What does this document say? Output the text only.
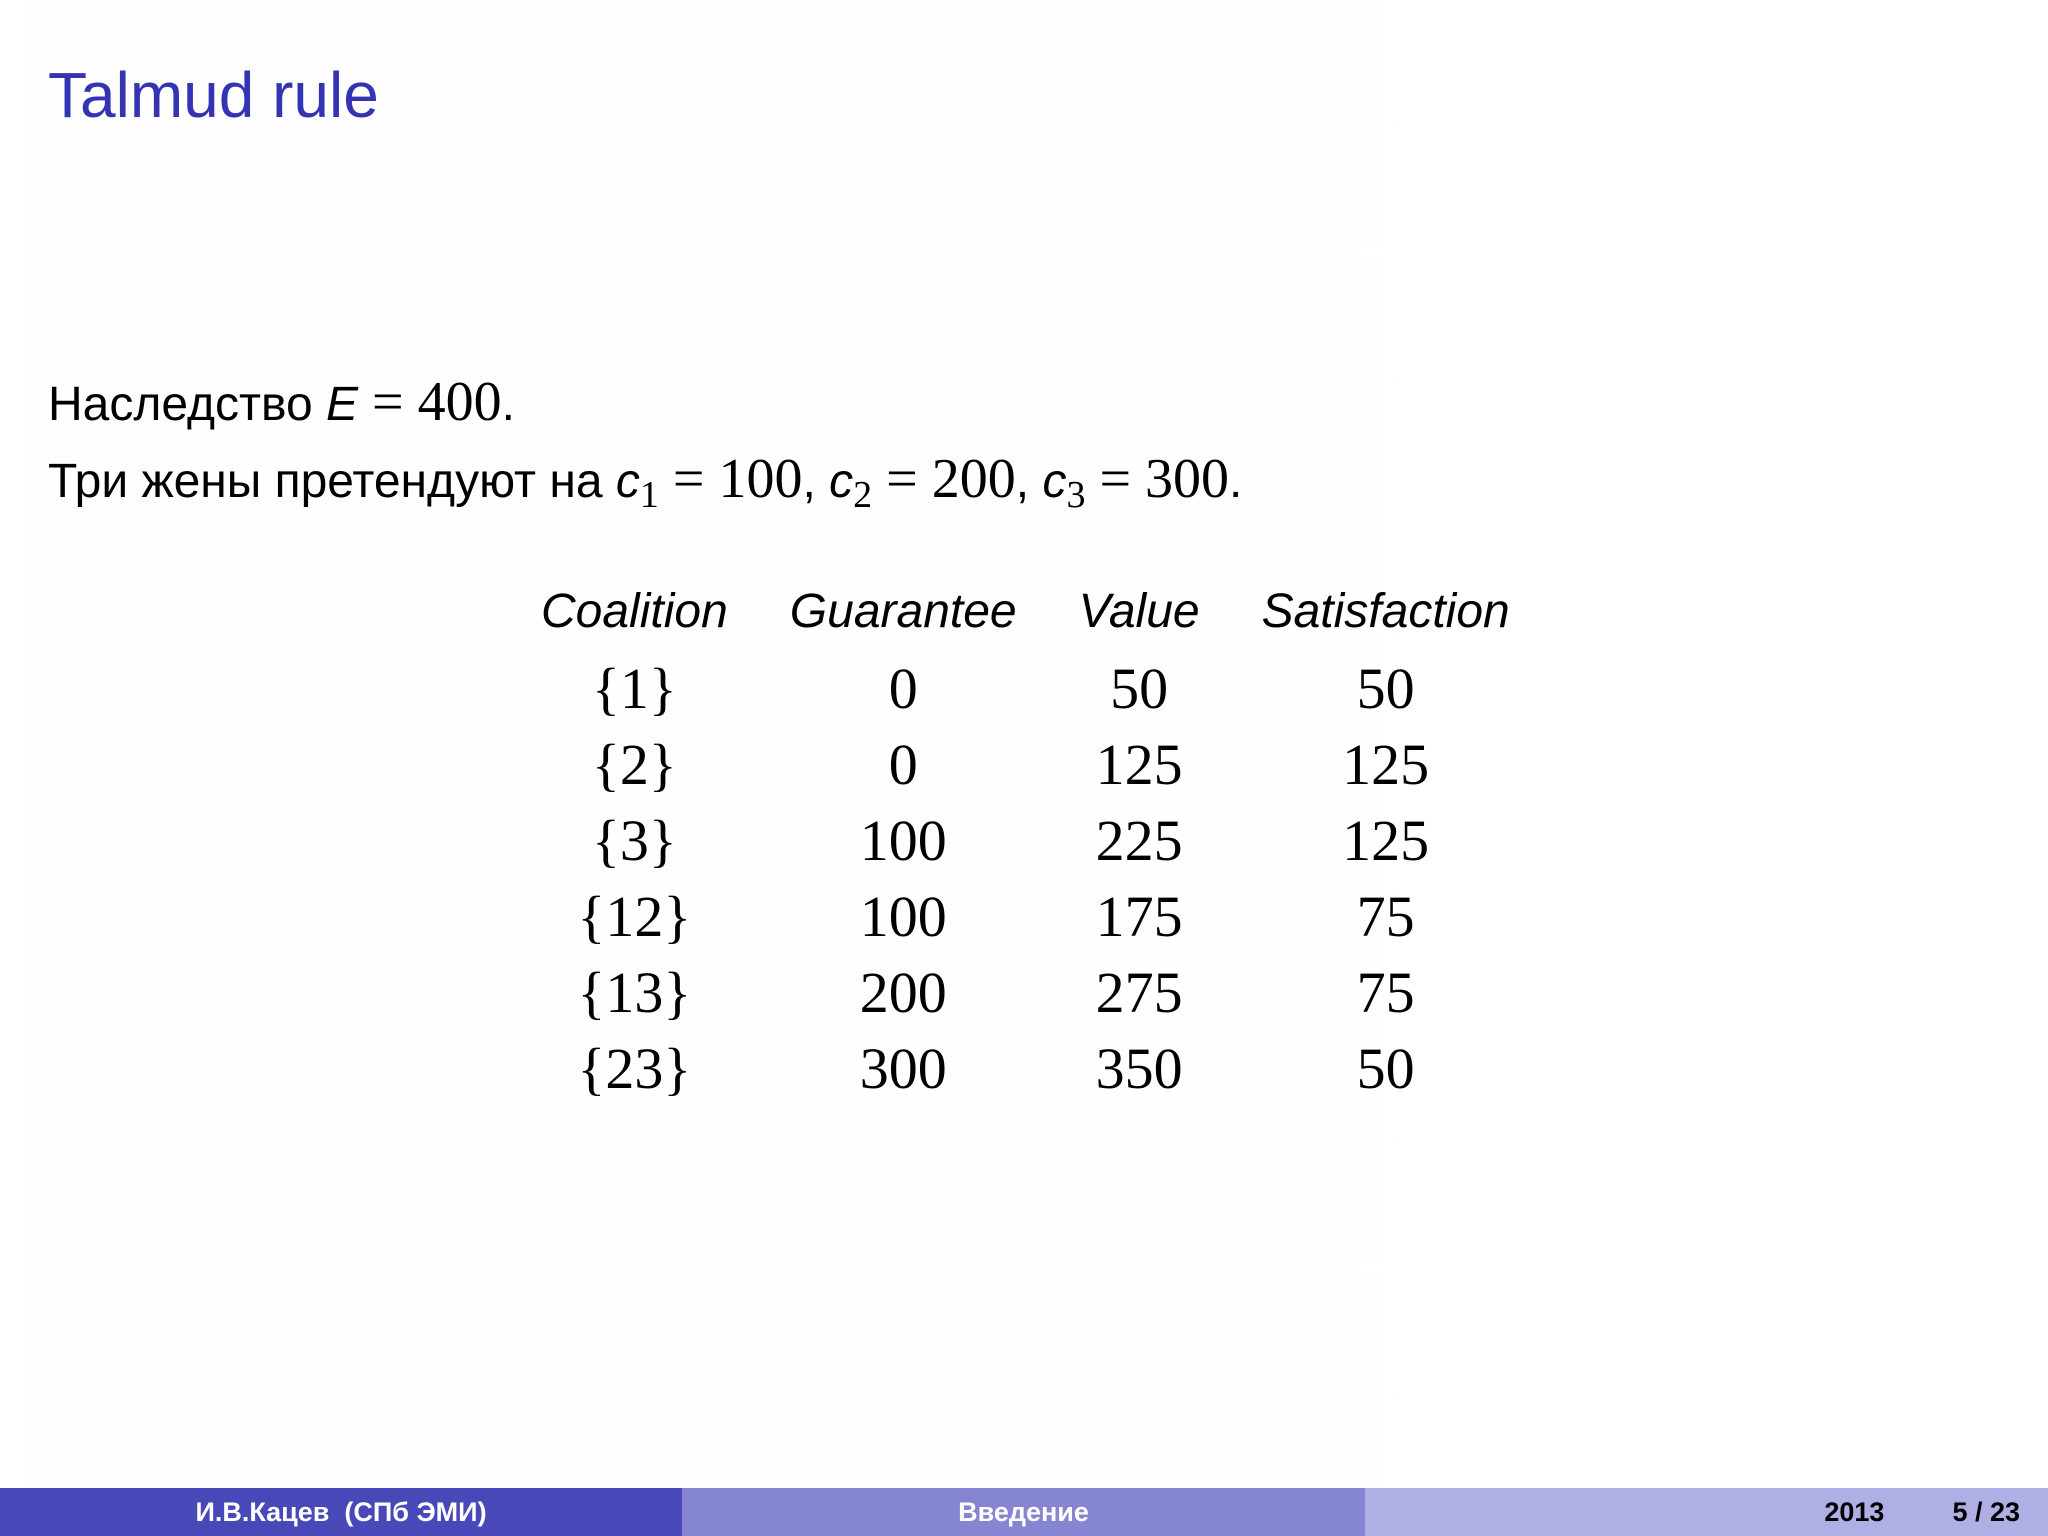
Talmud rule
Наследство E = 400.
Три жены претендуют на $c_1 = 100$, $c_2 = 200$, $c_3 = 300$.
Coalition	Guarantee	Value	Satisfaction
{1}	0	50	50
{2}	0	125	125
{3}	100	225	125
{12}	100	175	75
{13}	200	275	75
{23}	300	350	50
И.В.Кацев  (СПб ЭМИ)	Введение	2013	5 / 23
